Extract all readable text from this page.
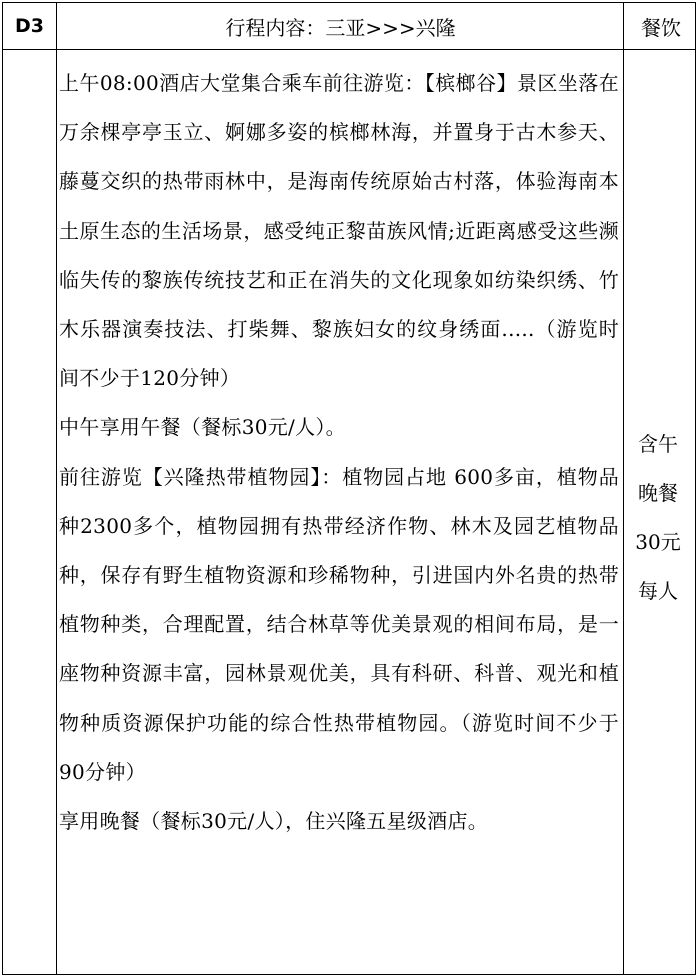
D3	行程内容：三亚>>>兴隆	餐饮

上午08:00酒店大堂集合乘车前往游览：【槟榔谷】景区坐落在万余棵亭亭玉立、婀娜多姿的槟榔林海，并置身于古木参天、藤蔓交织的热带雨林中，是海南传统原始古村落，体验海南本土原生态的生活场景，感受纯正黎苗族风情;近距离感受这些濒临失传的黎族传统技艺和正在消失的文化现象如纺染织绣、竹木乐器演奏技法、打柴舞、黎族妇女的纹身绣面.....（游览时间不少于120分钟）

中午享用午餐（餐标30元/人）。

前往游览【兴隆热带植物园】：植物园占地 600多亩，植物品种2300多个，植物园拥有热带经济作物、林木及园艺植物品种，保存有野生植物资源和珍稀物种，引进国内外名贵的热带植物种类，合理配置，结合林草等优美景观的相间布局，是一座物种资源丰富，园林景观优美，具有科研、科普、观光和植物种质资源保护功能的综合性热带植物园。（游览时间不少于90分钟）

享用晚餐（餐标30元/人），住兴隆五星级酒店。

含午
晚餐
30元
每人
